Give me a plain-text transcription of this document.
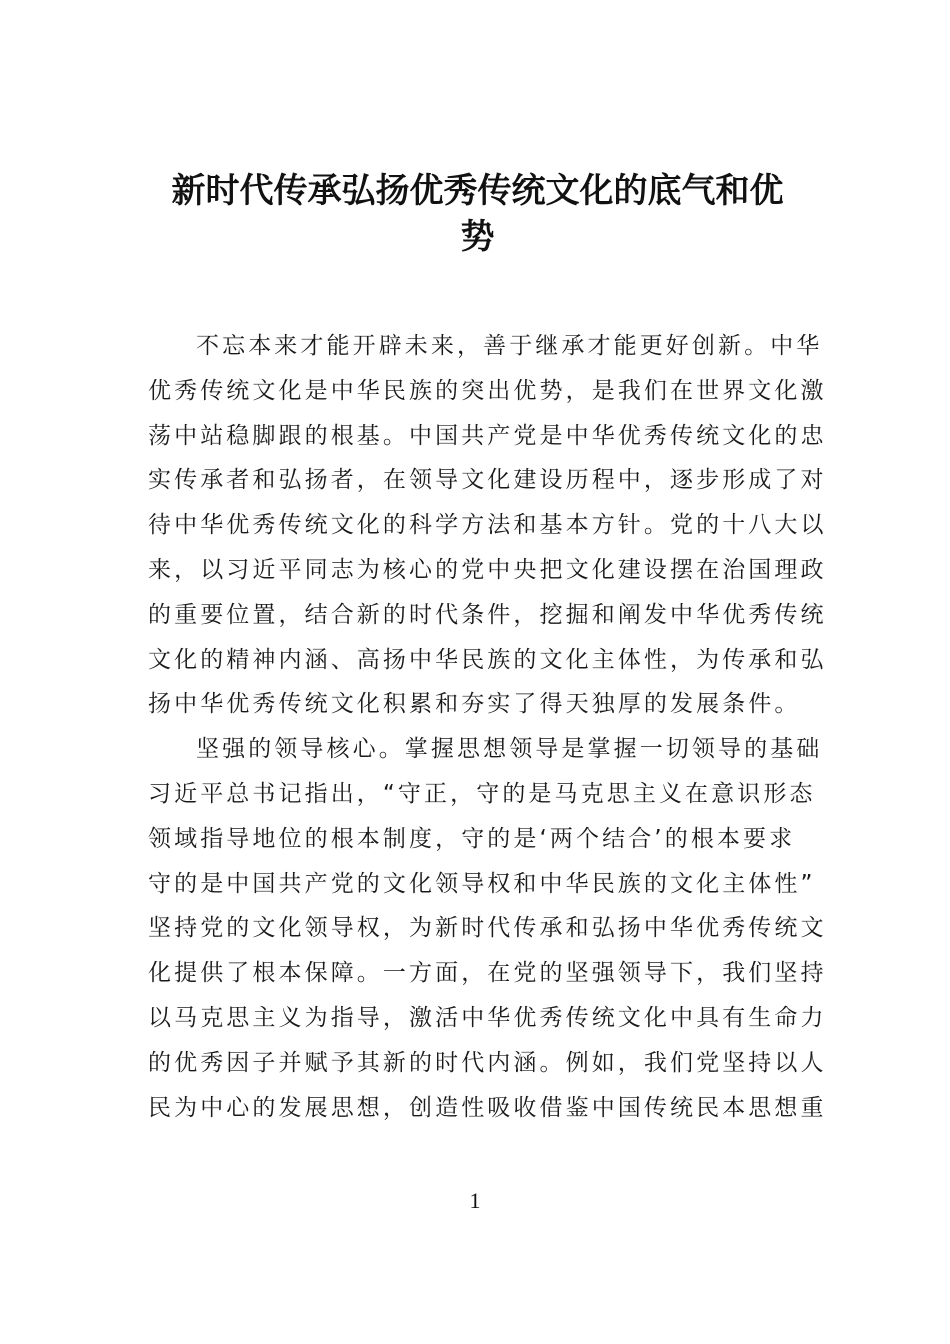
新时代传承弘扬优秀传统文化的底气和优
势
不忘本来才能开辟未来，善于继承才能更好创新。中华
优秀传统文化是中华民族的突出优势，是我们在世界文化激
荡中站稳脚跟的根基。中国共产党是中华优秀传统文化的忠
实传承者和弘扬者，在领导文化建设历程中，逐步形成了对
待中华优秀传统文化的科学方法和基本方针。党的十八大以
来，以习近平同志为核心的党中央把文化建设摆在治国理政
的重要位置，结合新的时代条件，挖掘和阐发中华优秀传统
文化的精神内涵、高扬中华民族的文化主体性，为传承和弘
扬中华优秀传统文化积累和夯实了得天独厚的发展条件。
坚强的领导核心。掌握思想领导是掌握一切领导的基础
习近平总书记指出，“守正，守的是马克思主义在意识形态
领域指导地位的根本制度，守的是‘两个结合’的根本要求
守的是中国共产党的文化领导权和中华民族的文化主体性”
坚持党的文化领导权，为新时代传承和弘扬中华优秀传统文
化提供了根本保障。一方面，在党的坚强领导下，我们坚持
以马克思主义为指导，激活中华优秀传统文化中具有生命力
的优秀因子并赋予其新的时代内涵。例如，我们党坚持以人
民为中心的发展思想，创造性吸收借鉴中国传统民本思想重
1
